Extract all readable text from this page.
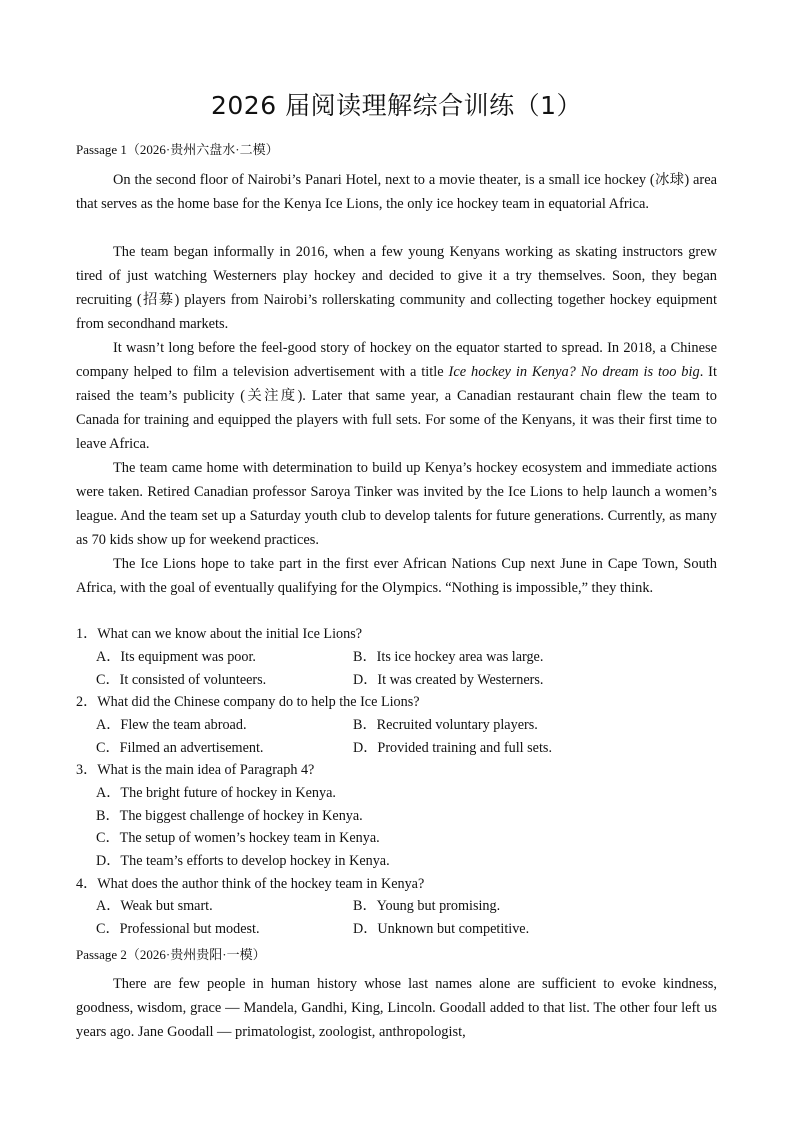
2026 届阅读理解综合训练（1）
Passage 1（2026·贵州六盘水·二模）

On the second floor of Nairobi’s Panari Hotel, next to a movie theater, is a small ice hockey (冰球) area that serves as the home base for the Kenya Ice Lions, the only ice hockey team in equatorial Africa.

The team began informally in 2016, when a few young Kenyans working as skating instructors grew tired of just watching Westerners play hockey and decided to give it a try themselves. Soon, they began recruiting (招募) players from Nairobi’s rollerskating community and collecting together hockey equipment from secondhand markets.

It wasn’t long before the feel-good story of hockey on the equator started to spread. In 2018, a Chinese company helped to film a television advertisement with a title Ice hockey in Kenya? No dream is too big. It raised the team’s publicity (关注度). Later that same year, a Canadian restaurant chain flew the team to Canada for training and equipped the players with full sets. For some of the Kenyans, it was their first time to leave Africa.

The team came home with determination to build up Kenya’s hockey ecosystem and immediate actions were taken. Retired Canadian professor Saroya Tinker was invited by the Ice Lions to help launch a women’s league. And the team set up a Saturday youth club to develop talents for future generations. Currently, as many as 70 kids show up for weekend practices.

The Ice Lions hope to take part in the first ever African Nations Cup next June in Cape Town, South Africa, with the goal of eventually qualifying for the Olympics. “Nothing is impossible,” they think.

1．What can we know about the initial Ice Lions?
A．Its equipment was poor.	B．Its ice hockey area was large.
C．It consisted of volunteers.	D．It was created by Westerners.
2．What did the Chinese company do to help the Ice Lions?
A．Flew the team abroad.	B．Recruited voluntary players.
C．Filmed an advertisement.	D．Provided training and full sets.
3．What is the main idea of Paragraph 4?
A．The bright future of hockey in Kenya.
B．The biggest challenge of hockey in Kenya.
C．The setup of women’s hockey team in Kenya.
D．The team’s efforts to develop hockey in Kenya.
4．What does the author think of the hockey team in Kenya?
A．Weak but smart.	B．Young but promising.
C．Professional but modest.	D．Unknown but competitive.
Passage 2（2026·贵州贵阳·一模）

There are few people in human history whose last names alone are sufficient to evoke kindness, goodness, wisdom, grace — Mandela, Gandhi, King, Lincoln. Goodall added to that list. The other four left us years ago. Jane Goodall — primatologist, zoologist, anthropologist,
